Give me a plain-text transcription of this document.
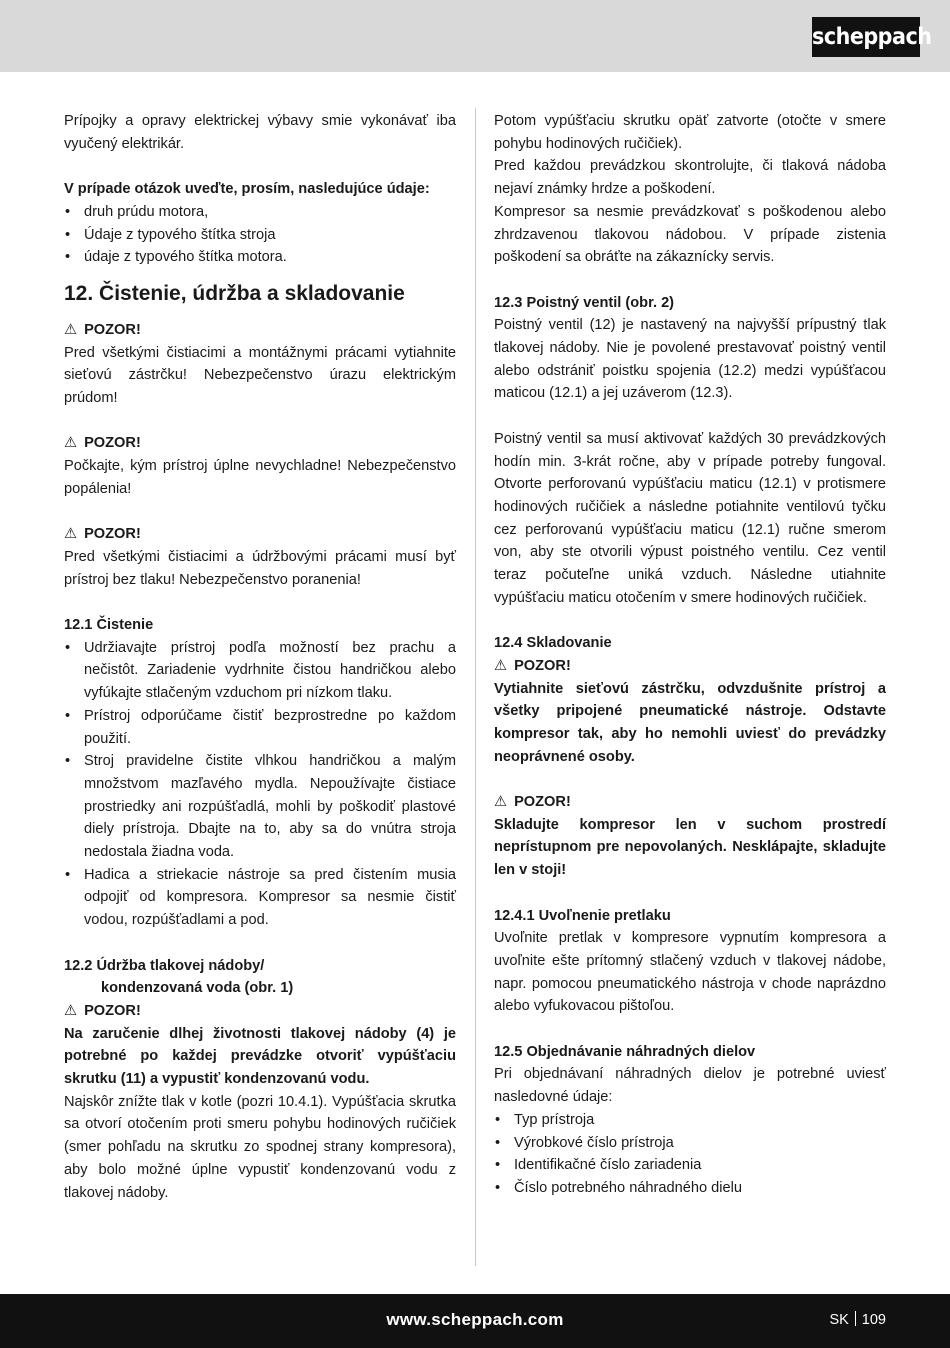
scheppach

Prípojky a opravy elektrickej výbavy smie vykonávať iba vyučený elektrikár.

V prípade otázok uveďte, prosím, nasledujúce údaje:

• druh prúdu motora,
• Údaje z typového štítka stroja
• údaje z typového štítka motora.
12. Čistenie, údržba a skladovanie

⚠ POZOR!

Pred všetkými čistiacimi a montážnymi prácami vytiahnite sieťovú zástrčku! Nebezpečenstvo úrazu elektrickým prúdom!

⚠ POZOR!

Počkajte, kým prístroj úplne nevychladne! Nebezpečenstvo popálenia!

⚠ POZOR!

Pred všetkými čistiacimi a údržbovými prácami musí byť prístroj bez tlaku! Nebezpečenstvo poranenia!

12.1 Čistenie

• Udržiavajte prístroj podľa možností bez prachu a nečistôt. Zariadenie vydrhnite čistou handričkou alebo vyfúkajte stlačeným vzduchom pri nízkom tlaku.
• Prístroj odporúčame čistiť bezprostredne po každom použití.
• Stroj pravidelne čistite vlhkou handričkou a malým množstvom mazľavého mydla. Nepoužívajte čistiace prostriedky ani rozpúšťadlá, mohli by poškodiť plastové diely prístroja. Dbajte na to, aby sa do vnútra stroja nedostala žiadna voda.
• Hadica a striekacie nástroje sa pred čistením musia odpojiť od kompresora. Kompresor sa nesmie čistiť vodou, rozpúšťadlami a pod.

12.2 Údržba tlakovej nádoby/

kondenzovaná voda (obr. 1)

⚠ POZOR!

Na zaručenie dlhej životnosti tlakovej nádoby (4) je potrebné po každej prevádzke otvoriť vypúšťaciu skrutku (11) a vypustiť kondenzovanú vodu.

Najskôr znížte tlak v kotle (pozri 10.4.1). Vypúšťacia skrutka sa otvorí otočením proti smeru pohybu hodinových ručičiek (smer pohľadu na skrutku zo spodnej strany kompresora), aby bolo možné úplne vypustiť kondenzovanú vodu z tlakovej nádoby.

Potom vypúšťaciu skrutku opäť zatvorte (otočte v smere pohybu hodinových ručičiek).

Pred každou prevádzkou skontrolujte, či tlaková nádoba nejaví známky hrdze a poškodení.

Kompresor sa nesmie prevádzkovať s poškodenou alebo zhrdzavenou tlakovou nádobou. V prípade zistenia poškodení sa obráťte na zákaznícky servis.

12.3 Poistný ventil (obr. 2)

Poistný ventil (12) je nastavený na najvyšší prípustný tlak tlakovej nádoby. Nie je povolené prestavovať poistný ventil alebo odstrániť poistku spojenia (12.2) medzi vypúšťacou maticou (12.1) a jej uzáverom (12.3).

Poistný ventil sa musí aktivovať každých 30 prevádzkových hodín min. 3-krát ročne, aby v prípade potreby fungoval. Otvorte perforovanú vypúšťaciu maticu (12.1) v protismere hodinových ručičiek a následne potiahnite ventilovú tyčku cez perforovanú vypúšťaciu maticu (12.1) ručne smerom von, aby ste otvorili výpust poistného ventilu. Cez ventil teraz počuteľne uniká vzduch. Následne utiahnite vypúšťaciu maticu otočením v smere hodinových ručičiek.

12.4 Skladovanie

⚠ POZOR!

Vytiahnite sieťovú zástrčku, odvzdušnite prístroj a všetky pripojené pneumatické nástroje. Odstavte kompresor tak, aby ho nemohli uviesť do prevádzky neoprávnené osoby.

⚠ POZOR!

Skladujte kompresor len v suchom prostredí neprístupnom pre nepovolaných. Nesklápajte, skladujte len v stoji!

12.4.1 Uvoľnenie pretlaku

Uvoľnite pretlak v kompresore vypnutím kompresora a uvoľnite ešte prítomný stlačený vzduch v tlakovej nádobe, napr. pomocou pneumatického nástroja v chode naprázdno alebo vyfukovacou pištoľou.

12.5 Objednávanie náhradných dielov

Pri objednávaní náhradných dielov je potrebné uviesť nasledovné údaje:

• Typ prístroja
• Výrobkové číslo prístroja
• Identifikačné číslo zariadenia
• Číslo potrebného náhradného dielu
www.scheppach.com	SK 109
